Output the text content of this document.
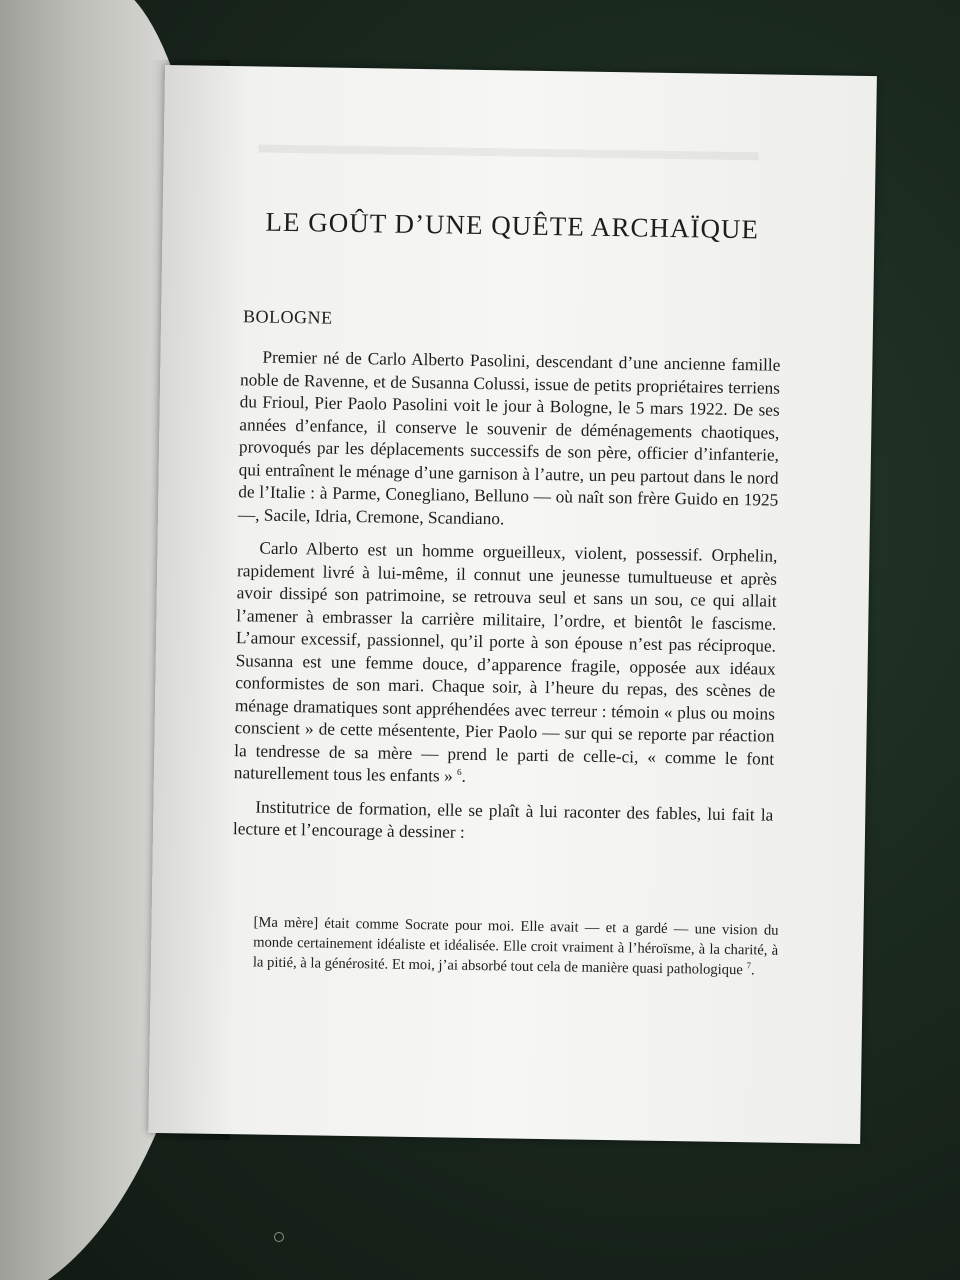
LE GOÛT D’UNE QUÊTE ARCHAÏQUE
BOLOGNE

Premier né de Carlo Alberto Pasolini, descendant d’une ancienne famille noble de Ravenne, et de Susanna Colussi, issue de petits propriétaires terriens du Frioul, Pier Paolo Pasolini voit le jour à Bologne, le 5 mars 1922. De ses années d’enfance, il conserve le souvenir de déménagements chaotiques, provoqués par les déplacements successifs de son père, officier d’infanterie, qui entraînent le ménage d’une garnison à l’autre, un peu partout dans le nord de l’Italie : à Parme, Conegliano, Belluno — où naît son frère Guido en 1925 —, Sacile, Idria, Cremone, Scandiano.

Carlo Alberto est un homme orgueilleux, violent, possessif. Orphelin, rapidement livré à lui-même, il connut une jeunesse tumultueuse et après avoir dissipé son patrimoine, se retrouva seul et sans un sou, ce qui allait l’amener à embrasser la carrière militaire, l’ordre, et bientôt le fascisme. L’amour excessif, passionnel, qu’il porte à son épouse n’est pas réciproque. Susanna est une femme douce, d’apparence fragile, opposée aux idéaux conformistes de son mari. Chaque soir, à l’heure du repas, des scènes de ménage dramatiques sont appréhendées avec terreur : témoin « plus ou moins conscient » de cette mésentente, Pier Paolo — sur qui se reporte par réaction la tendresse de sa mère — prend le parti de celle-ci, « comme le font naturellement tous les enfants » $^6$.

Institutrice de formation, elle se plaît à lui raconter des fables, lui fait la lecture et l’encourage à dessiner :

[Ma mère] était comme Socrate pour moi. Elle avait — et a gardé — une vision du monde certainement idéaliste et idéalisée. Elle croit vraiment à l’héroïsme, à la charité, à la pitié, à la générosité. Et moi, j’ai absorbé tout cela de manière quasi pathologique $^7$.
